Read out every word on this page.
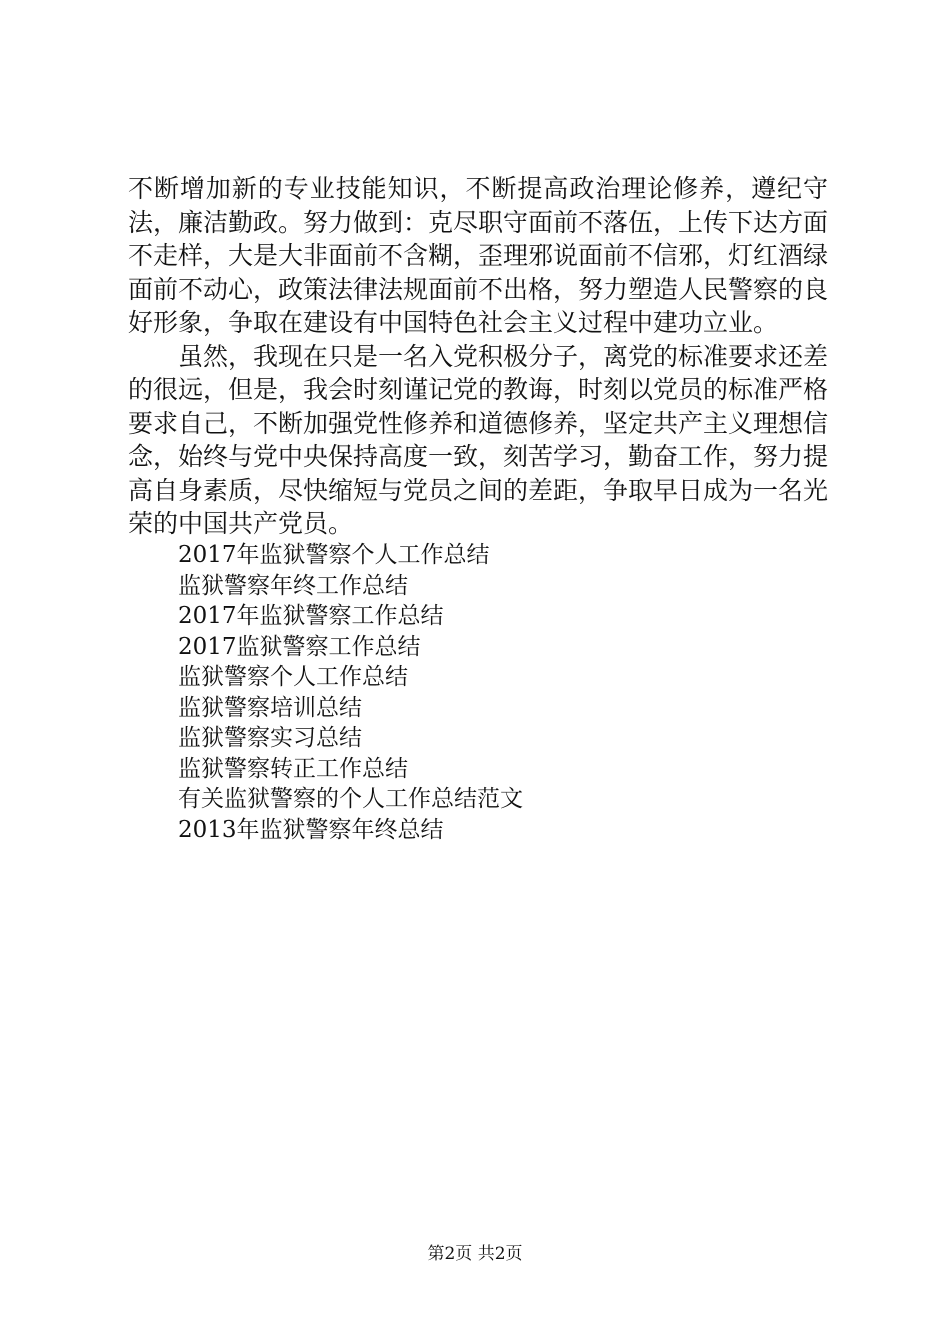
不断增加新的专业技能知识，不断提高政治理论修养，遵纪守法，廉洁勤政。努力做到：克尽职守面前不落伍，上传下达方面不走样，大是大非面前不含糊，歪理邪说面前不信邪，灯红酒绿面前不动心，政策法律法规面前不出格，努力塑造人民警察的良好形象，争取在建设有中国特色社会主义过程中建功立业。

虽然，我现在只是一名入党积极分子，离党的标准要求还差的很远，但是，我会时刻谨记党的教诲，时刻以党员的标准严格要求自己，不断加强党性修养和道德修养，坚定共产主义理想信念，始终与党中央保持高度一致，刻苦学习，勤奋工作，努力提高自身素质，尽快缩短与党员之间的差距，争取早日成为一名光荣的中国共产党员。

2017年监狱警察个人工作总结
监狱警察年终工作总结
2017年监狱警察工作总结
2017监狱警察工作总结
监狱警察个人工作总结
监狱警察培训总结
监狱警察实习总结
监狱警察转正工作总结
有关监狱警察的个人工作总结范文
2013年监狱警察年终总结
第2页 共2页
